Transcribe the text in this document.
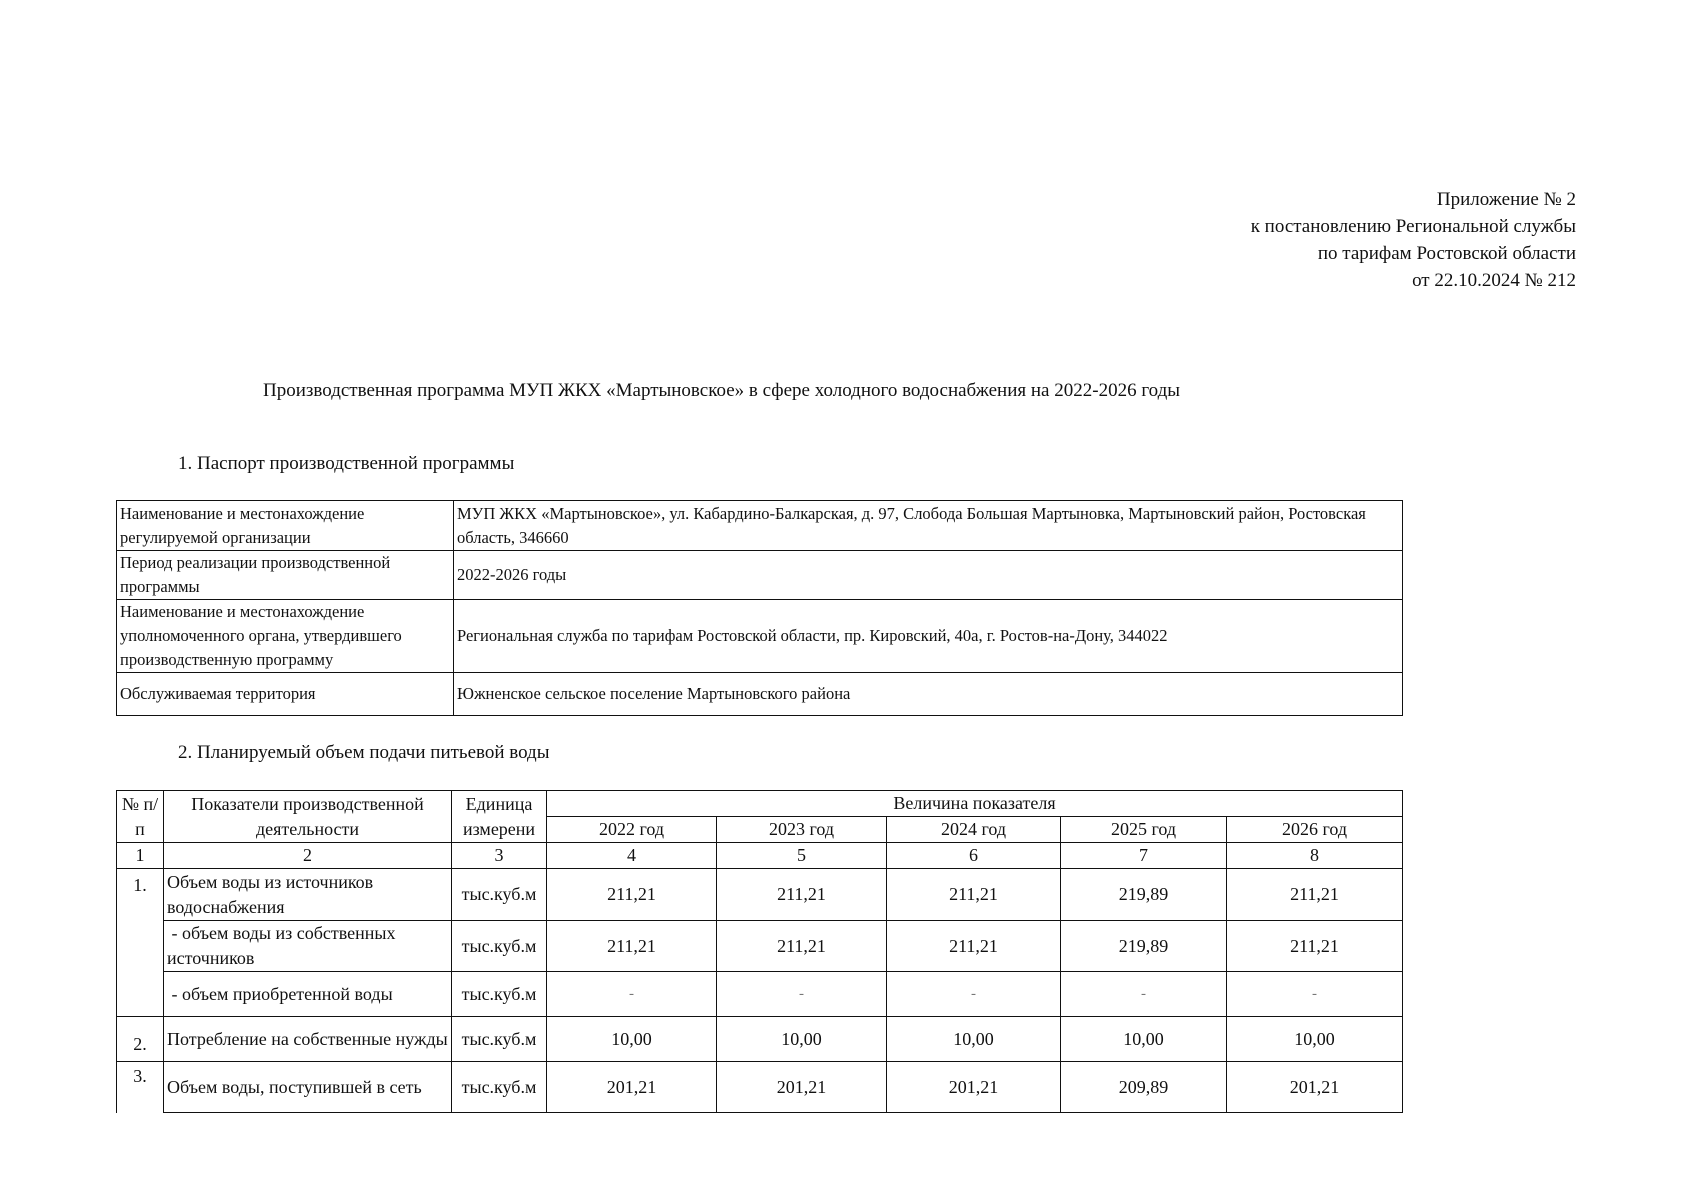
Приложение № 2
к постановлению Региональной службы
по тарифам Ростовской области
от 22.10.2024 № 212
Производственная программа МУП ЖКХ «Мартыновское» в сфере холодного водоснабжения на 2022-2026 годы
1. Паспорт производственной программы
Наименование и местонахождение регулируемой организации	МУП ЖКХ «Мартыновское», ул. Кабардино-Балкарская, д. 97, Слобода Большая Мартыновка, Мартыновский район, Ростовская область, 346660
Период реализации производственной программы	2022-2026 годы
Наименование и местонахождение уполномоченного органа, утвердившего производственную программу	Региональная служба по тарифам Ростовской области, пр. Кировский, 40а, г. Ростов-на-Дону, 344022
Обслуживаемая территория	Южненское сельское поселение Мартыновского района
2. Планируемый объем подачи питьевой воды
№ п/п	Показатели производственной деятельности	Единица измерени	Величина показателя				
			2022 год	2023 год	2024 год	2025 год	2026 год
1	2	3	4	5	6	7	8
1.	Объем воды из источников водоснабжения	тыс.куб.м	211,21	211,21	211,21	219,89	211,21
	- объем воды из собственных источников	тыс.куб.м	211,21	211,21	211,21	219,89	211,21
	- объем приобретенной воды	тыс.куб.м	-	-	-	-	-
2.	Потребление на собственные нужды	тыс.куб.м	10,00	10,00	10,00	10,00	10,00
3.	Объем воды, поступившей в сеть	тыс.куб.м	201,21	201,21	201,21	209,89	201,21
